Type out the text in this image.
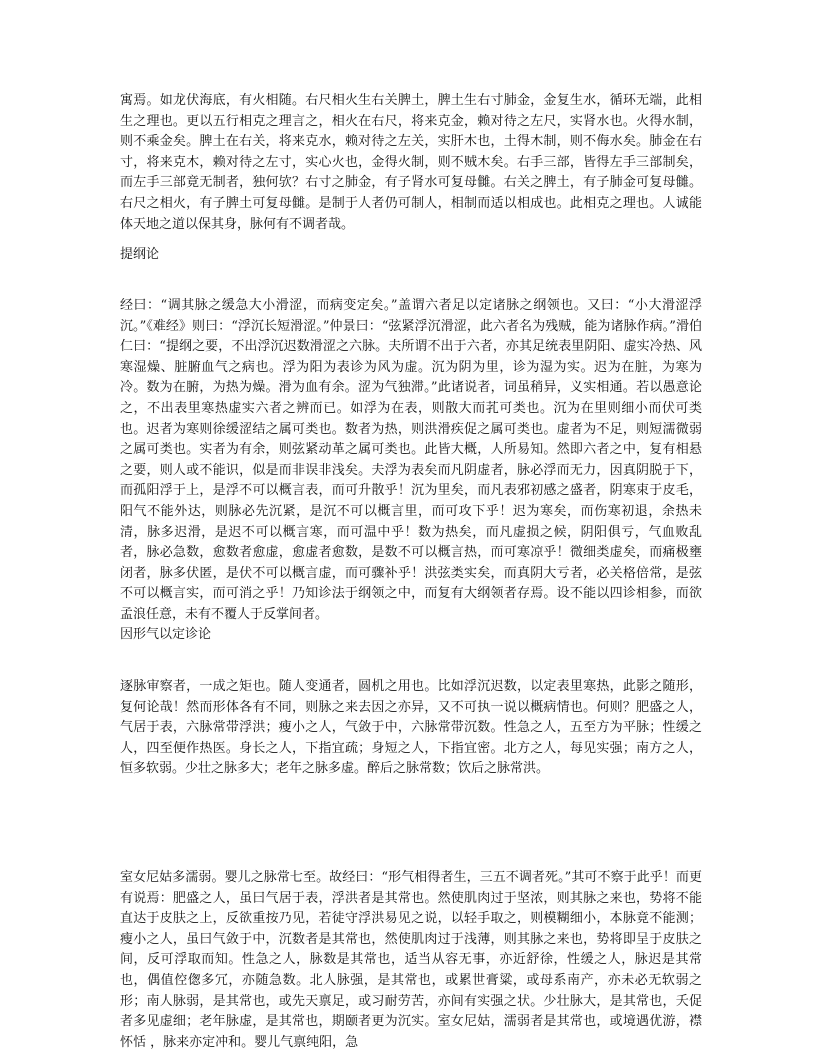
寓焉。如龙伏海底，有火相随。右尺相火生右关脾土，脾土生右寸肺金，金复生水，循环无端，此相生之理也。更以五行相克之理言之，相火在右尺，将来克金，赖对待之左尺，实肾水也。火得水制，则不乘金矣。脾土在右关，将来克水，赖对待之左关，实肝木也，土得木制，则不侮水矣。肺金在右寸，将来克木，赖对待之左寸，实心火也，金得火制，则不贼木矣。右手三部，皆得左手三部制矣，而左手三部竟无制者，独何欤？右寸之肺金，有子肾水可复母雠。右关之脾土，有子肺金可复母雠。右尺之相火，有子脾土可复母雠。是制于人者仍可制人，相制而适以相成也。此相克之理也。人诚能体天地之道以保其身，脉何有不调者哉。

提纲论

经曰：“调其脉之缓急大小滑涩，而病变定矣。”盖谓六者足以定诸脉之纲领也。又曰：“小大滑涩浮沉。”《难经》则曰：“浮沉长短滑涩。”仲景曰：“弦紧浮沉滑涩，此六者名为残贼，能为诸脉作病。”滑伯仁曰：“提纲之要，不出浮沉迟数滑涩之六脉。夫所谓不出于六者，亦其足统表里阴阳、虚实冷热、风寒湿燥、脏腑血气之病也。浮为阳为表诊为风为虚。沉为阴为里，诊为湿为实。迟为在脏，为寒为冷。数为在腑，为热为燥。滑为血有余。涩为气独滞。”此诸说者，词虽稍异，义实相通。若以愚意论之，不出表里寒热虚实六者之辨而已。如浮为在表，则散大而芤可类也。沉为在里则细小而伏可类也。迟者为寒则徐缓涩结之属可类也。数者为热，则洪滑疾促之属可类也。虚者为不足，则短濡微弱之属可类也。实者为有余，则弦紧动革之属可类也。此皆大概，人所易知。然即六者之中，复有相悬之要，则人或不能识，似是而非误非浅矣。夫浮为表矣而凡阴虚者，脉必浮而无力，因真阴脱于下，而孤阳浮于上，是浮不可以概言表，而可升散乎！沉为里矣，而凡表邪初感之盛者，阴寒束于皮毛，阳气不能外达，则脉必先沉紧，是沉不可以概言里，而可攻下乎！迟为寒矣，而伤寒初退，余热未清，脉多迟滑，是迟不可以概言寒，而可温中乎！数为热矣，而凡虚损之候，阴阳俱亏，气血败乱者，脉必急数，愈数者愈虚，愈虚者愈数，是数不可以概言热，而可寒凉乎！微细类虚矣，而痛极壅闭者，脉多伏匿，是伏不可以概言虚，而可骤补乎！洪弦类实矣，而真阴大亏者，必关格倍常，是弦不可以概言实，而可消之乎！乃知诊法于纲领之中，而复有大纲领者存焉。设不能以四诊相参，而欲孟浪任意，未有不覆人于反掌间者。

因形气以定诊论

逐脉审察者，一成之矩也。随人变通者，圆机之用也。比如浮沉迟数，以定表里寒热，此影之随形，复何论哉！然而形体各有不同，则脉之来去因之亦异，又不可执一说以概病情也。何则？肥盛之人，气居于表，六脉常带浮洪；瘦小之人，气敛于中，六脉常带沉数。性急之人，五至方为平脉；性缓之人，四至便作热医。身长之人，下指宜疏；身短之人，下指宜密。北方之人，每见实强；南方之人，恒多软弱。少壮之脉多大；老年之脉多虚。醉后之脉常数；饮后之脉常洪。

室女尼姑多濡弱。婴儿之脉常七至。故经曰：“形气相得者生，三五不调者死。”其可不察于此乎！而更有说焉：肥盛之人，虽曰气居于表，浮洪者是其常也。然使肌肉过于坚浓，则其脉之来也，势将不能直达于皮肤之上，反欲重按乃见，若徒守浮洪易见之说，以轻手取之，则模糊细小，本脉竟不能测；瘦小之人，虽曰气敛于中，沉数者是其常也，然使肌肉过于浅薄，则其脉之来也，势将即呈于皮肤之间，反可浮取而知。性急之人，脉数是其常也，适当从容无事，亦近舒徐，性缓之人，脉迟是其常也，偶值倥偬多冗，亦随急数。北人脉强，是其常也，或累世膏粱，或母系南产，亦未必无软弱之形；南人脉弱，是其常也，或先天禀足，或习耐劳苦，亦间有实强之状。少壮脉大，是其常也，夭促者多见虚细；老年脉虚，是其常也，期颐者更为沉实。室女尼姑，濡弱者是其常也，或境遇优游，襟怀恬 ，脉来亦定冲和。婴儿气禀纯阳，急
